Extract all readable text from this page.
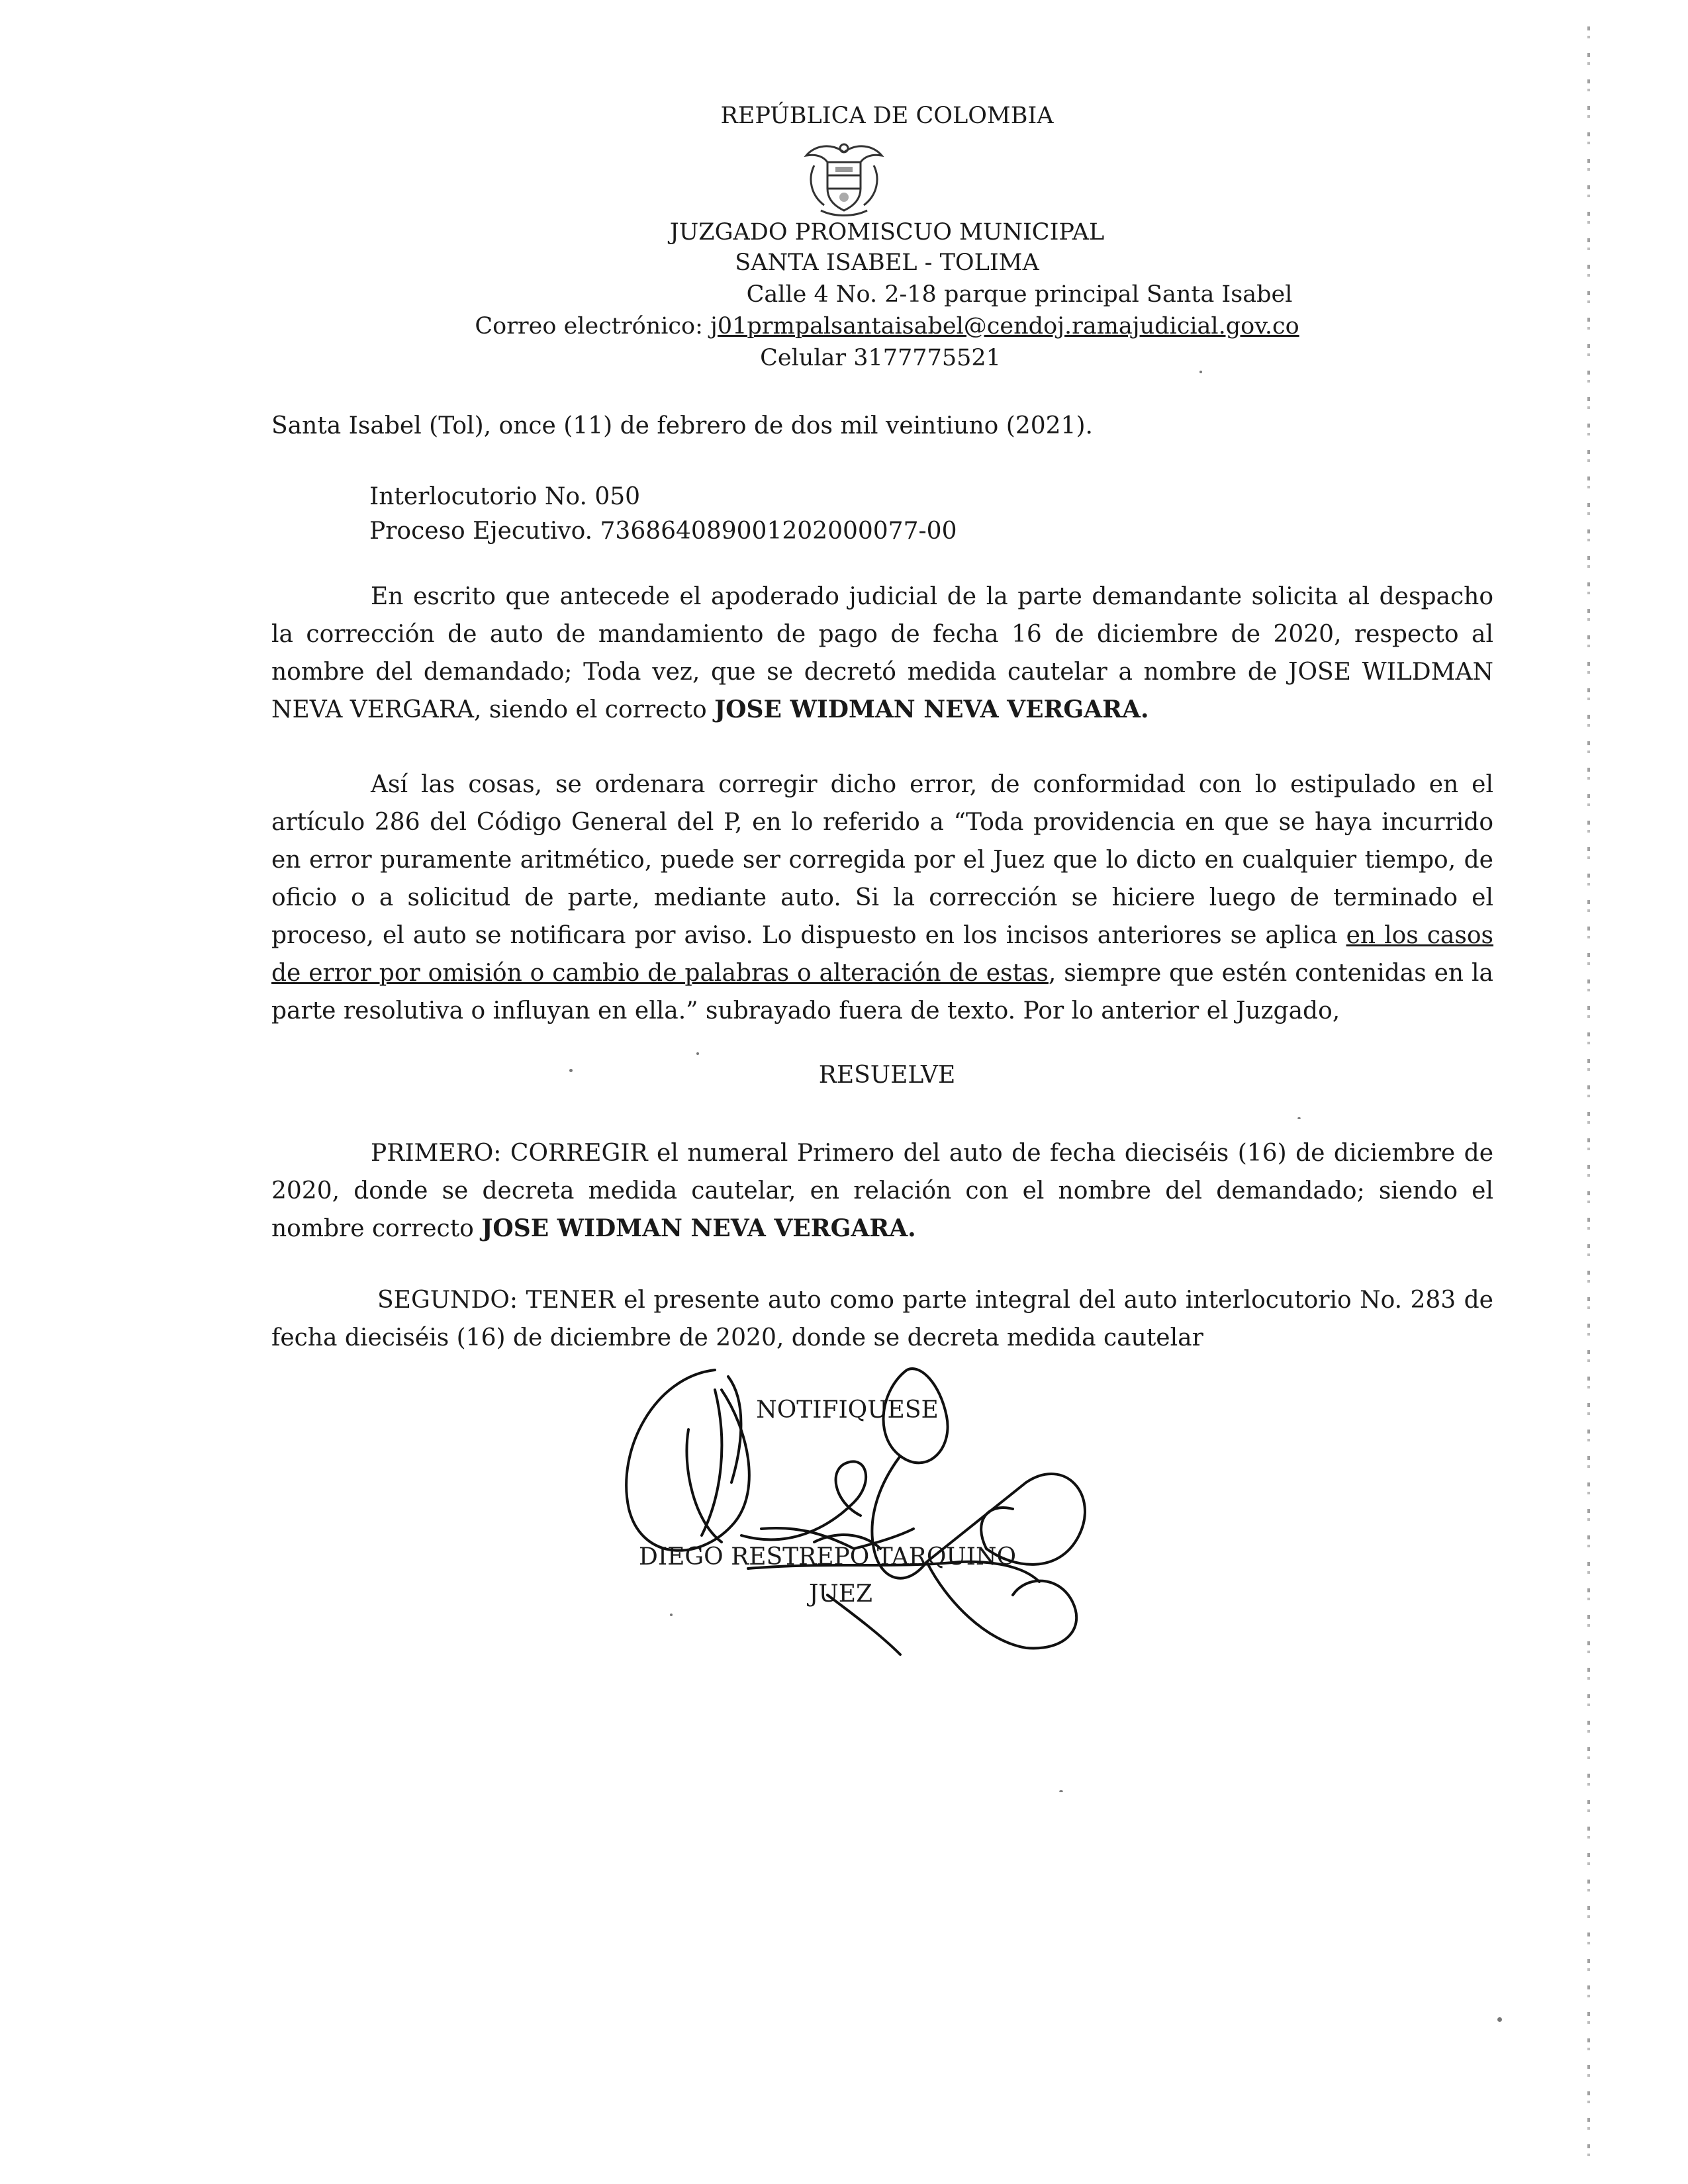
REPÚBLICA DE COLOMBIA
JUZGADO PROMISCUO MUNICIPAL
SANTA ISABEL - TOLIMA
Calle 4 No. 2-18 parque principal Santa Isabel
Correo electrónico: j01prmpalsantaisabel@cendoj.ramajudicial.gov.co
Celular 3177775521
Santa Isabel (Tol), once (11) de febrero de dos mil veintiuno (2021).
Interlocutorio No. 050
Proceso Ejecutivo. 736864089001202000077-00
En escrito que antecede el apoderado judicial de la parte demandante solicita al despacho la corrección de auto de mandamiento de pago de fecha 16 de diciembre de 2020, respecto al nombre del demandado; Toda vez, que se decretó medida cautelar a nombre de JOSE WILDMAN NEVA VERGARA, siendo el correcto JOSE WIDMAN NEVA VERGARA.
Así las cosas, se ordenara corregir dicho error, de conformidad con lo estipulado en el artículo 286 del Código General del P, en lo referido a “Toda providencia en que se haya incurrido en error puramente aritmético, puede ser corregida por el Juez que lo dicto en cualquier tiempo, de oficio o a solicitud de parte, mediante auto. Si la corrección se hiciere luego de terminado el proceso, el auto se notificara por aviso. Lo dispuesto en los incisos anteriores se aplica en los casos de error por omisión o cambio de palabras o alteración de estas, siempre que estén contenidas en la parte resolutiva o influyan en ella.” subrayado fuera de texto. Por lo anterior el Juzgado,
RESUELVE
PRIMERO: CORREGIR el numeral Primero del auto de fecha dieciséis (16) de diciembre de 2020, donde se decreta medida cautelar, en relación con el nombre del demandado; siendo el nombre correcto JOSE WIDMAN NEVA VERGARA.
SEGUNDO: TENER el presente auto como parte integral del auto interlocutorio No. 283 de fecha dieciséis (16) de diciembre de 2020, donde se decreta medida cautelar
NOTIFIQUESE
DIEGO RESTREPO TARQUINO
JUEZ
